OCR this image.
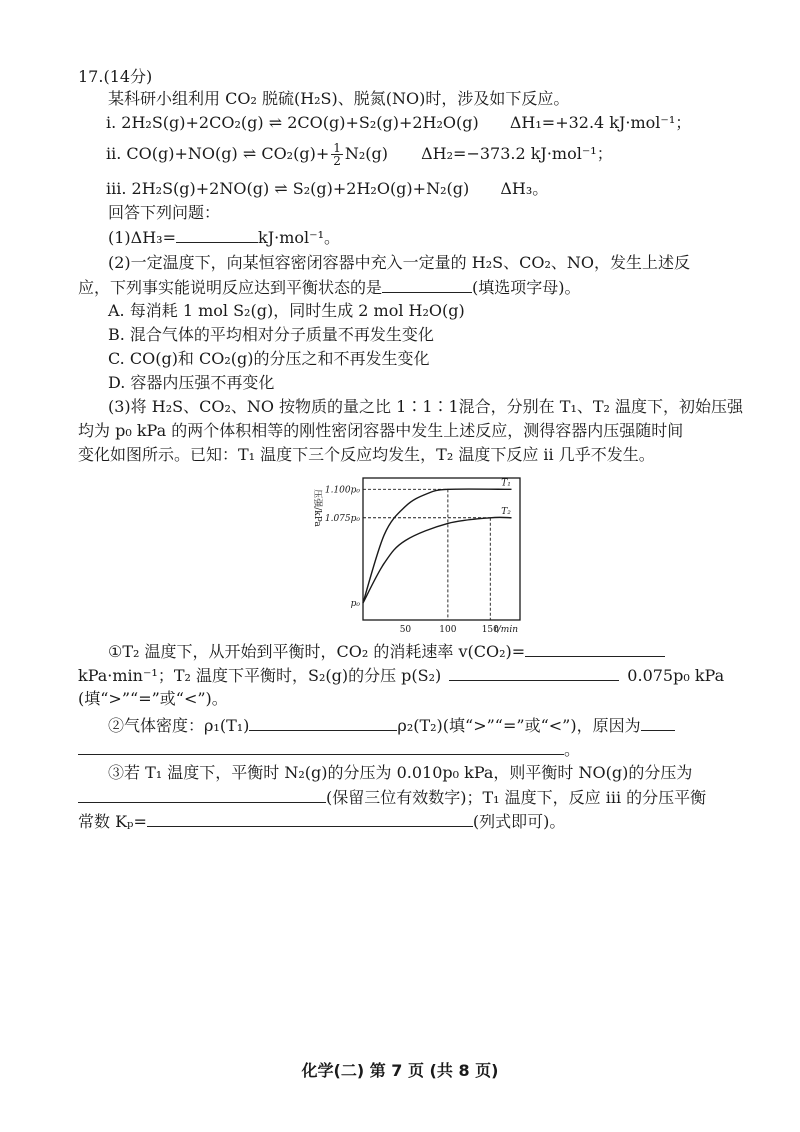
17.(14分)
某科研小组利用 CO₂ 脱硫(H₂S)、脱氮(NO)时，涉及如下反应。
ⅰ. 2H₂S(g)+2CO₂(g) ⇌ 2CO(g)+S₂(g)+2H₂O(g) ΔH₁=+32.4 kJ·mol⁻¹；
ⅱ. CO(g)+NO(g) ⇌ $CO_2(g)+ \frac{1}{2} N_2(g)$ ΔH₂=−373.2 kJ·mol⁻¹；
ⅲ. 2H₂S(g)+2NO(g) ⇌ S₂(g)+2H₂O(g)+N₂(g) ΔH₃。
回答下列问题：
(1)ΔH₃=	kJ·mol⁻¹。
(2)一定温度下，向某恒容密闭容器中充入一定量的 H₂S、CO₂、NO，发生上述反
应，下列事实能说明反应达到平衡状态的是	(填选项字母)。
A. 每消耗 1 mol S₂(g)，同时生成 2 mol H₂O(g)
B. 混合气体的平均相对分子质量不再发生变化
C. CO(g)和 CO₂(g)的分压之和不再发生变化
D. 容器内压强不再变化
(3)将 H₂S、CO₂、NO 按物质的量之比 1∶1∶1混合，分别在 T₁、T₂ 温度下，初始压强
均为 p₀ kPa 的两个体积相等的刚性密闭容器中发生上述反应，测得容器内压强随时间
变化如图所示。已知：T₁ 温度下三个反应均发生，T₂ 温度下反应 ⅱ 几乎不发生。
p₀
1.075p₀
1.100p₀
50	100	150
t/min
压强/kPa
T₁
T₂
①T₂ 温度下，从开始到平衡时，CO₂ 的消耗速率 v(CO₂)=
kPa·min⁻¹；T₂ 温度下平衡时，S₂(g)的分压 p(S₂)	0.075p₀ kPa
(填“>”“=”或“<”)。
②气体密度：ρ₁(T₁)	ρ₂(T₂)(填“>”“=”或“<”)，原因为
。
③若 T₁ 温度下，平衡时 N₂(g)的分压为 0.010p₀ kPa，则平衡时 NO(g)的分压为
(保留三位有效数字)；T₁ 温度下，反应 ⅲ 的分压平衡
常数 Kₚ=	(列式即可)。
化学(二) 第 7 页 (共 8 页)
